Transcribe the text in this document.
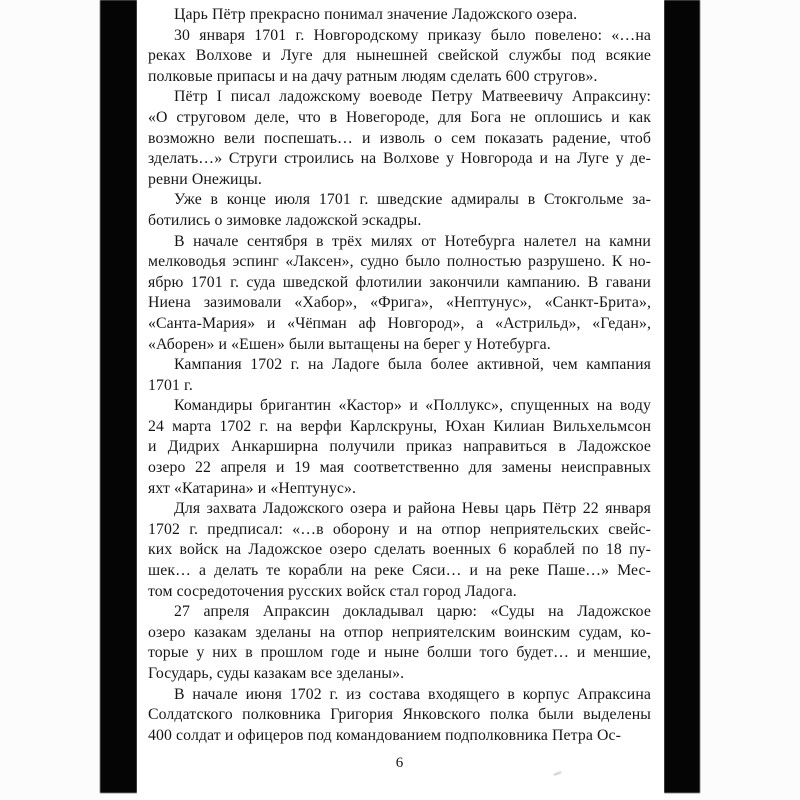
Царь Пётр прекрасно понимал значение Ладожского озера.
30 января 1701 г. Новгородскому приказу было повелено: «…на
реках Волхове и Луге для нынешней свейской службы под всякие
полковые припасы и на дачу ратным людям сделать 600 стругов».
Пётр I писал ладожскому воеводе Петру Матвеевичу Апраксину:
«О струговом деле, что в Новегороде, для Бога не оплошись и как
возможно вели поспешать… и изволь о сем показать радение, чтоб
зделать…» Струги строились на Волхове у Новгорода и на Луге у де-
ревни Онежицы.
Уже в конце июля 1701 г. шведские адмиралы в Стокгольме за-
ботились о зимовке ладожской эскадры.
В начале сентября в трёх милях от Нотебурга налетел на камни
мелководья эспинг «Лаксен», судно было полностью разрушено. К но-
ябрю 1701 г. суда шведской флотилии закончили кампанию. В гавани
Ниена зазимовали «Хабор», «Фрига», «Нептунус», «Санкт-Брита»,
«Санта-Мария» и «Чёпман аф Новгород», а «Астрильд», «Гедан»,
«Аборен» и «Ешен» были вытащены на берег у Нотебурга.
Кампания 1702 г. на Ладоге была более активной, чем кампания
1701 г.
Командиры бригантин «Кастор» и «Поллукс», спущенных на воду
24 марта 1702 г. на верфи Карлскруны, Юхан Килиан Вильхельмсон
и Дидрих Анкарширна получили приказ направиться в Ладожское
озеро 22 апреля и 19 мая соответственно для замены неисправных
яхт «Катарина» и «Нептунус».
Для захвата Ладожского озера и района Невы царь Пётр 22 января
1702 г. предписал: «…в оборону и на отпор неприятельских свейс-
ких войск на Ладожское озеро сделать военных 6 кораблей по 18 пу-
шек… а делать те корабли на реке Сяси… и на реке Паше…» Мес-
том сосредоточения русских войск стал город Ладога.
27 апреля Апраксин докладывал царю: «Суды на Ладожское
озеро казакам зделаны на отпор неприятелским воинским судам, ко-
торые у них в прошлом годе и ныне болши того будет… и меншие,
Государь, суды казакам все зделаны».
В начале июня 1702 г. из состава входящего в корпус Апраксина
Солдатского полковника Григория Янковского полка были выделены
400 солдат и офицеров под командованием подполковника Петра Ос-
6
